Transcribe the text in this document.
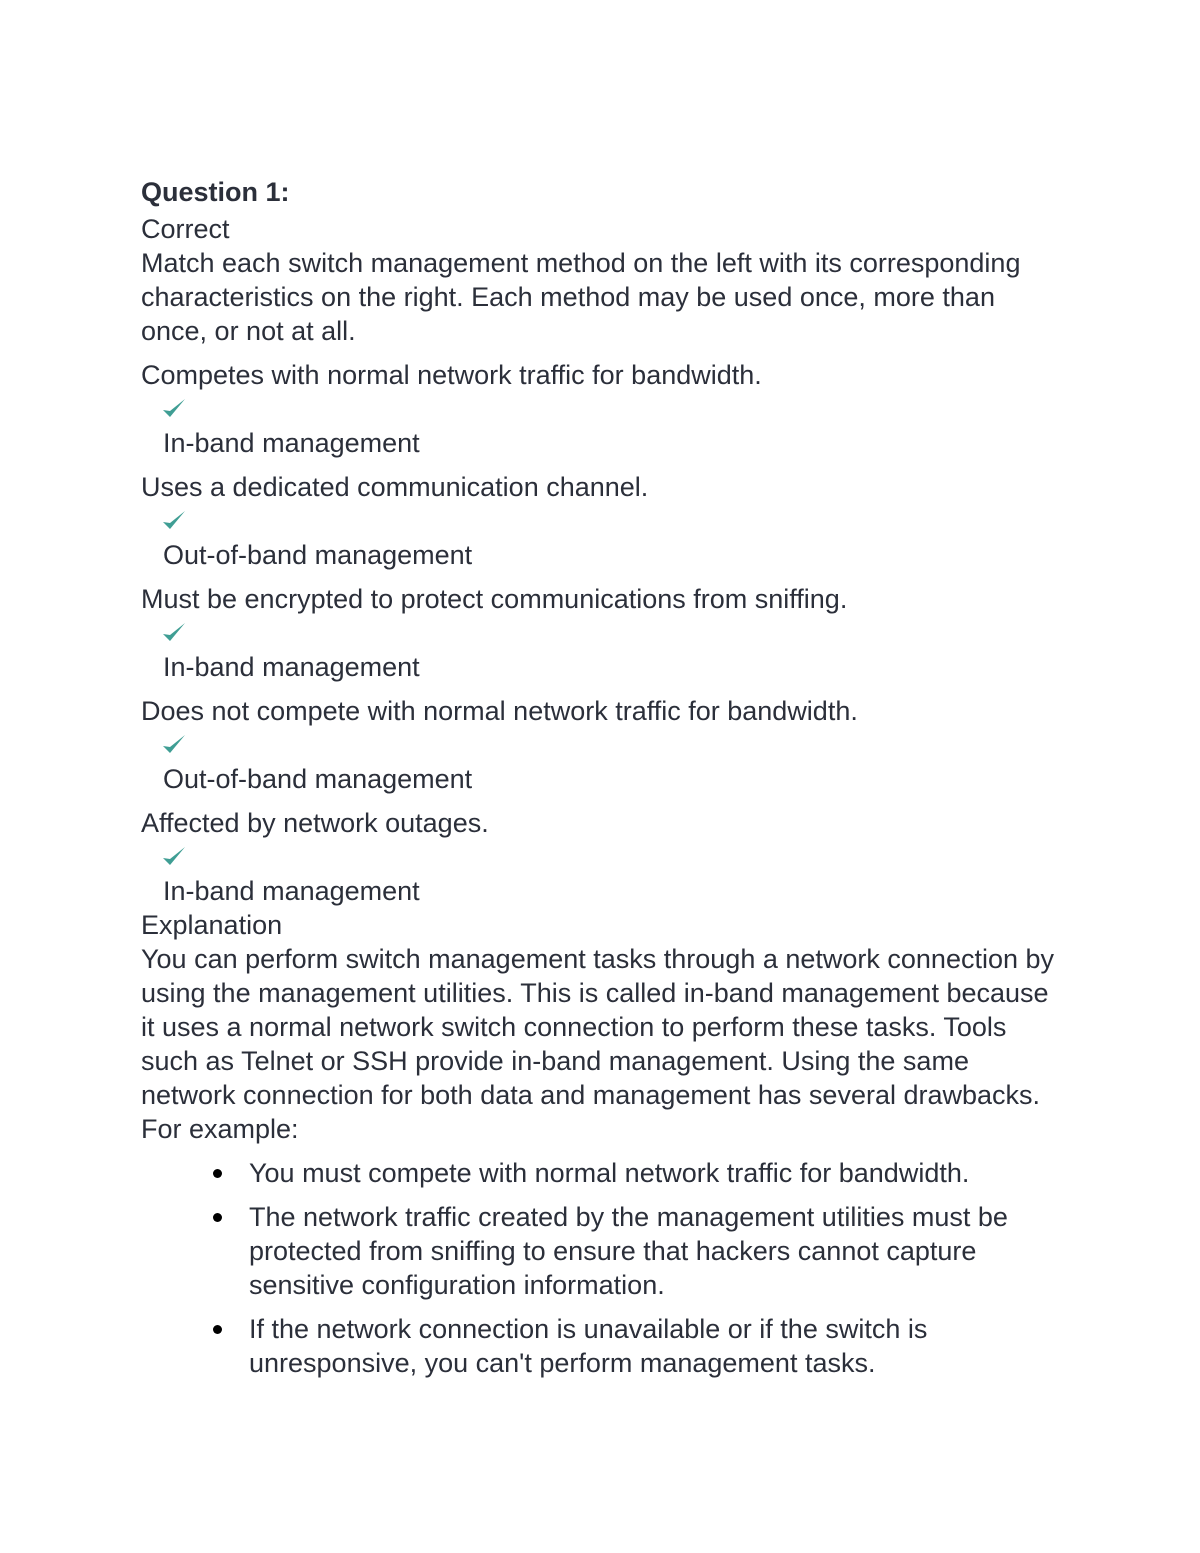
Question 1:

Correct

Match each switch management method on the left with its corresponding characteristics on the right. Each method may be used once, more than once, or not at all.

Competes with normal network traffic for bandwidth.

In-band management

Uses a dedicated communication channel.

Out-of-band management

Must be encrypted to protect communications from sniffing.

In-band management

Does not compete with normal network traffic for bandwidth.

Out-of-band management

Affected by network outages.

In-band management

Explanation

You can perform switch management tasks through a network connection by using the management utilities. This is called in-band management because it uses a normal network switch connection to perform these tasks. Tools such as Telnet or SSH provide in-band management. Using the same network connection for both data and management has several drawbacks. For example:

You must compete with normal network traffic for bandwidth.
The network traffic created by the management utilities must be protected from sniffing to ensure that hackers cannot capture sensitive configuration information.
If the network connection is unavailable or if the switch is unresponsive, you can't perform management tasks.
